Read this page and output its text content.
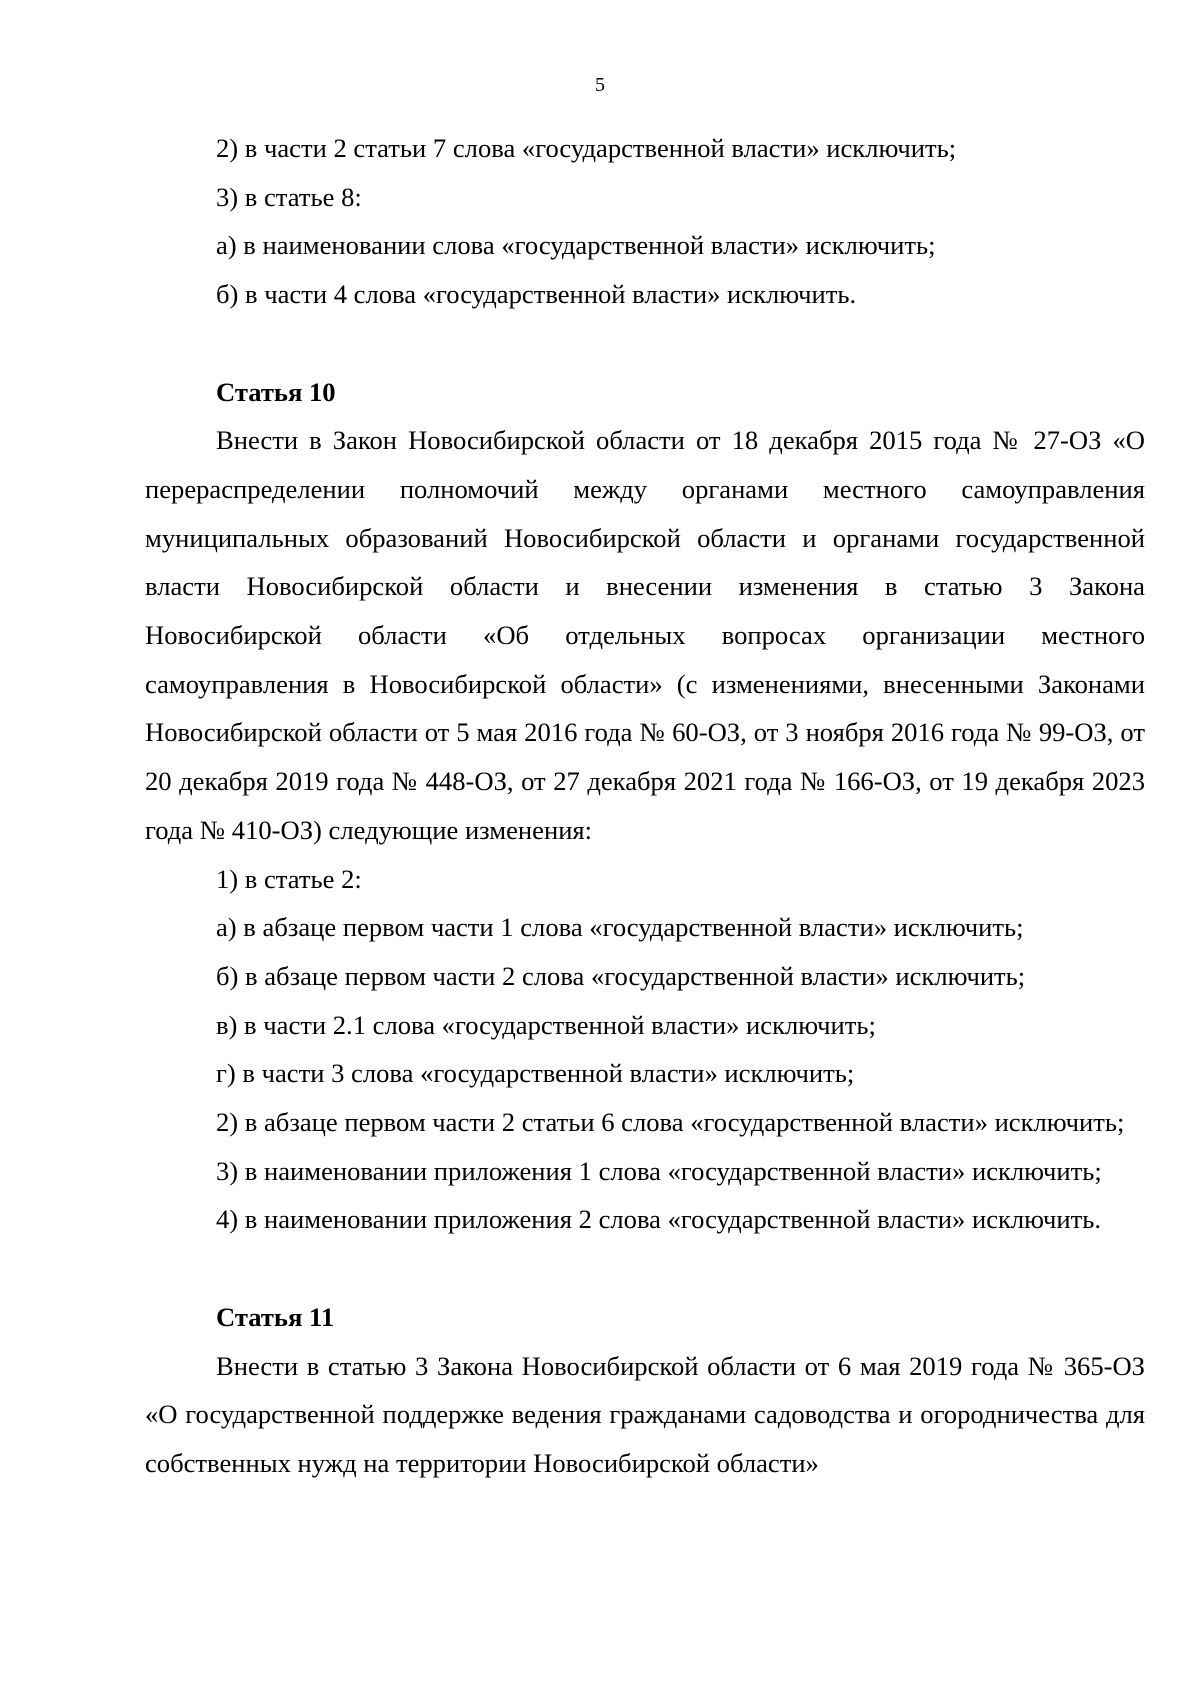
5

2) в части 2 статьи 7 слова «государственной власти» исключить;

3) в статье 8:

а) в наименовании слова «государственной власти» исключить;

б) в части 4 слова «государственной власти» исключить.

Статья 10

Внести в Закон Новосибирской области от 18 декабря 2015 года № 27-ОЗ «О перераспределении полномочий между органами местного самоуправления муниципальных образований Новосибирской области и органами государственной власти Новосибирской области и внесении изменения в статью 3 Закона Новосибирской области «Об отдельных вопросах организации местного самоуправления в Новосибирской области» (с изменениями, внесенными Законами Новосибирской области от 5 мая 2016 года № 60-ОЗ, от 3 ноября 2016 года № 99-ОЗ, от 20 декабря 2019 года № 448-ОЗ, от 27 декабря 2021 года № 166-ОЗ, от 19 декабря 2023 года № 410-ОЗ) следующие изменения:

1) в статье 2:

а) в абзаце первом части 1 слова «государственной власти» исключить;

б) в абзаце первом части 2 слова «государственной власти» исключить;

в) в части 2.1 слова «государственной власти» исключить;

г) в части 3 слова «государственной власти» исключить;

2) в абзаце первом части 2 статьи 6 слова «государственной власти» исключить;

3) в наименовании приложения 1 слова «государственной власти» исключить;

4) в наименовании приложения 2 слова «государственной власти» исключить.

Статья 11

Внести в статью 3 Закона Новосибирской области от 6 мая 2019 года № 365-ОЗ «О государственной поддержке ведения гражданами садоводства и огородничества для собственных нужд на территории Новосибирской области»
